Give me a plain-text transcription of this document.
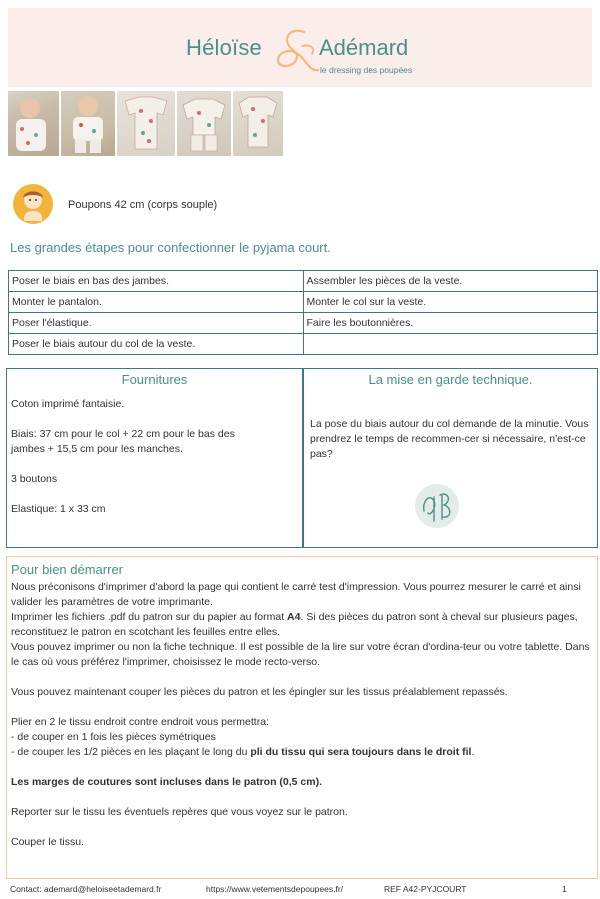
Héloïse	Adémard
le dressing des poupées
Poupons 42 cm (corps souple)
Les grandes étapes pour confectionner le pyjama court.
Poser le biais en bas des jambes.	Assembler les pièces de la veste.
Monter le pantalon.	Monter le col sur la veste.
Poser l'élastique.	Faire les boutonnières.
Poser le biais autour du col de la veste.	
Fournitures
Coton imprimé fantaisie.
Biais: 37 cm pour le col + 22 cm pour le bas des
jambes + 15,5 cm pour les manches.
3 boutons
Elastique: 1 x 33 cm
La mise en garde technique.
La pose du biais autour du col demande de la minutie. Vous prendrez le temps de recommen-cer si nécessaire, n'est-ce pas?
Pour bien démarrer

Nous préconisons d'imprimer d'abord la page qui contient le carré test d'impression. Vous pourrez mesurer le carré et ainsi valider les paramètres de votre imprimante.

Imprimer les fichiers .pdf du patron sur du papier au format A4. Si des pièces du patron sont à cheval sur plusieurs pages, reconstituez le patron en scotchant les feuilles entre elles.

Vous pouvez imprimer ou non la fiche technique. Il est possible de la lire sur votre écran d'ordina-teur ou votre tablette. Dans le cas où vous préférez l'imprimer, choisissez le mode recto-verso.

Vous pouvez maintenant couper les pièces du patron et les épingler sur les tissus préalablement repassés.

Plier en 2 le tissu endroit contre endroit vous permettra:

- de couper en 1 fois les pièces symétriques

- de couper les 1/2 pièces en les plaçant le long du pli du tissu qui sera toujours dans le droit fil.

Les marges de coutures sont incluses dans le patron (0,5 cm).

Reporter sur le tissu les éventuels repères que vous voyez sur le patron.

Couper le tissu.

Contact: ademard@heloiseetademard.fr	https://www.vetementsdepoupees.fr/	REF A42-PYJCOURT	1
